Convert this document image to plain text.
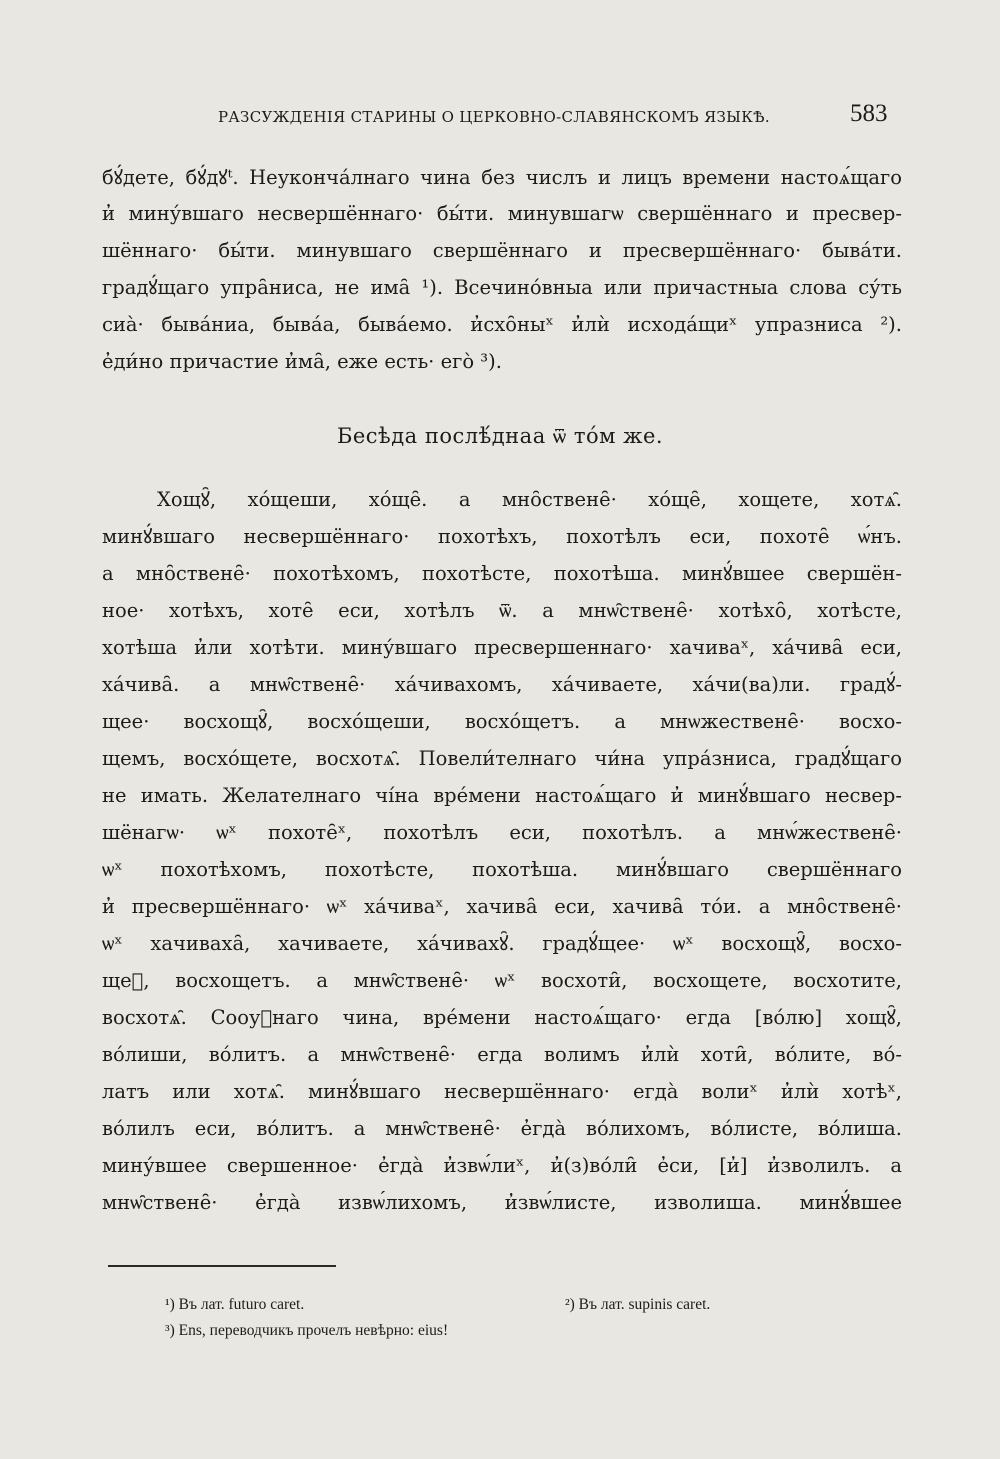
РАЗСУЖДЕНІЯ СТАРИНЫ О ЦЕРКОВНО-СЛАВЯНСКОМЪ ЯЗЫКѢ.	583
бꙋ́дете, бꙋ́дꙋᵗ. Неуконча́лнаго чина без числъ и лицъ времени настоѧ́щаго
и̓ мину́вшаго несвершённаго· бы́ти. минувшагѡ свершённаго и пресвер-
шённаго· бы́ти. минувшаго свершённаго и пресвершённаго· бывáти.
градꙋ́щаго упра̑ниса, не има̑ ¹). Всечино́вныа или причастныа слова су́ть
сиа̀· бывáниа, бывáа, бывáемо. и̓схо̑ныˣ и̓лѝ исходáщиˣ упразниса ²).
е̓ди́но причастие и̓ма̑, еже есть· его̀ ³).
Бесѣда послѣ́днаа ѿ то́м же.
Хощꙋ̑, хóщеши, хóще̑. а мно̑ствене̑· хóще̑, хощете, хотѧ̑.
минꙋ́вшаго несвершённаго· похотѣхъ, похотѣлъ еси, похоте̑ ѡ́нъ.
а мно̑ствене̑· похотѣхомъ, похотѣсте, похотѣша. минꙋ́вшее свершён-
ное· хотѣхъ, хоте̑ еси, хотѣлъ ѿ. а мнѡ̑ствене̑· хотѣхо̑, хотѣсте,
хотѣша и̓ли хотѣти. мину́вшаго пресвершеннаго· хачиваˣ, хáчива̑ еси,
хáчива̑. а мнѡ̑ствене̑· хáчивахомъ, хáчиваете, хáчи(ва)ли. градꙋ́-
щее· восхощꙋ̑, восхóщеши, восхóщетъ. а мнѡжествене̑· восхо-
щемъ, восхóщете, восхотѧ̑. Повели́телнаго чи́на упра́зниса, градꙋ́щаго
не имать. Желателнаго чі́на врéмени настоѧ́щаго и̓ минꙋ́вшаго несвер-
шёнагѡ· ѡˣ похоте̑ˣ, похотѣлъ еси, похотѣлъ. а мнѡ́жествене̑·
ѡˣ похотѣхомъ, похотѣсте, похотѣша. минꙋ́вшаго свершённаго
и̓ пресвершённаго· ѡˣ хáчиваˣ, хачива̑ еси, хачива̑ то́и. а мно̑ствене̑·
ѡˣ хачиваха̑, хачиваете, хáчивахꙋ̑. градꙋ́щее· ѡˣ восхощꙋ̑, восхо-
щеⷲ, восхощетъ. а мнѡ̑ствене̑· ѡˣ восхоти̑, восхощете, восхотите,
восхотѧ̑. Сооуⷥнаго чина, врéмени настоѧ́щаго· егда [во́лю] хощꙋ̑,
во́лиши, во́литъ. а мнѡ̑ствене̑· егда волимъ и̓лѝ хоти̑, во́лите, во́-
латъ или хотѧ̑. минꙋ́вшаго несвершённаго· егда̀ волиˣ и̓лѝ хотѣˣ,
во́лилъ еси, во́литъ. а мнѡ̑ствене̑· е̓гда̀ во́лихомъ, во́листе, во́лиша.
мину́вшее свершенное· е̓гда̀ и̓звѡ́лиˣ, и̓(з)во́ли̑ е̓си, [и̓] и̓зволилъ. а
мнѡ̑ствене̑· е̓гда̀ извѡ́лихомъ, и̓звѡ́листе, изволиша. минꙋ́вшее
¹) Въ лат. futuro caret.	²) Въ лат. supinis caret.
³) Ens, переводчикъ прочелъ невѣрно: eius!
